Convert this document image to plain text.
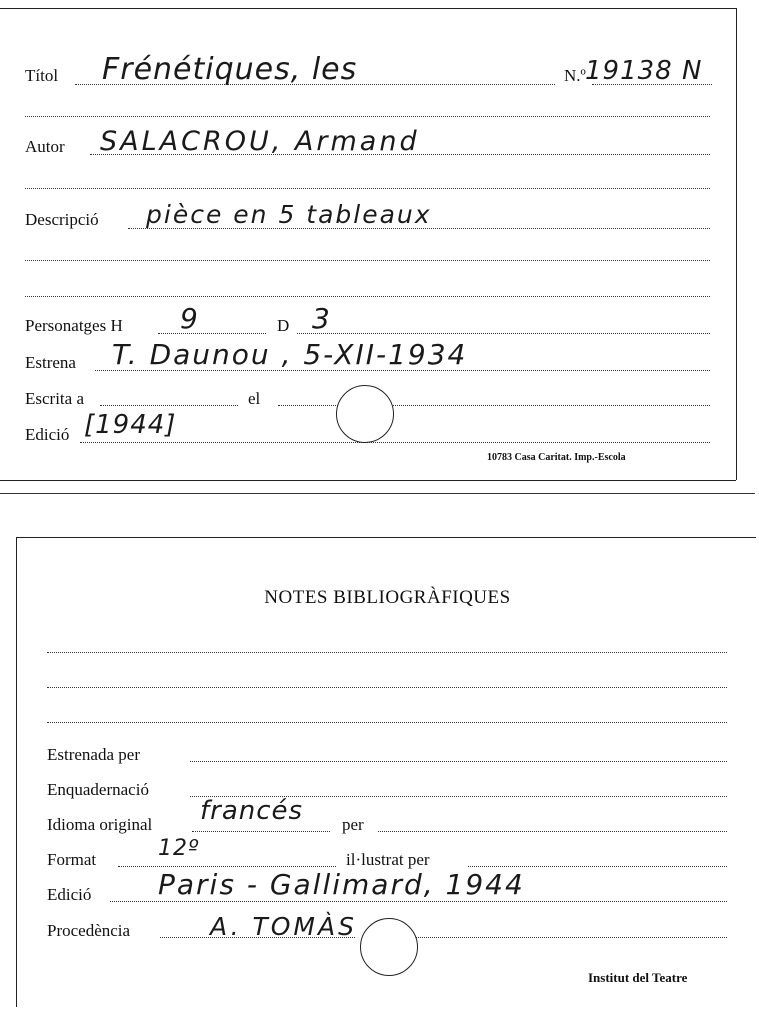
Títol Frénétiques, les	N.º 19138 N
Autor SALACROU, Armand
Descripció pièce en 5 tableaux
Personatges H 9	D 3
Estrena T. Daunou , 5-XII-1934
Escrita a	el
Edició [1944]
10783 Casa Caritat. Imp.-Escola
NOTES BIBLIOGRÀFIQUES
Estrenada per
Enquadernació
Idioma original francés per
Format	12º	il·lustrat per
Edició Paris - Gallimard, 1944
Procedència	A. TOMÀS
Institut del Teatre
